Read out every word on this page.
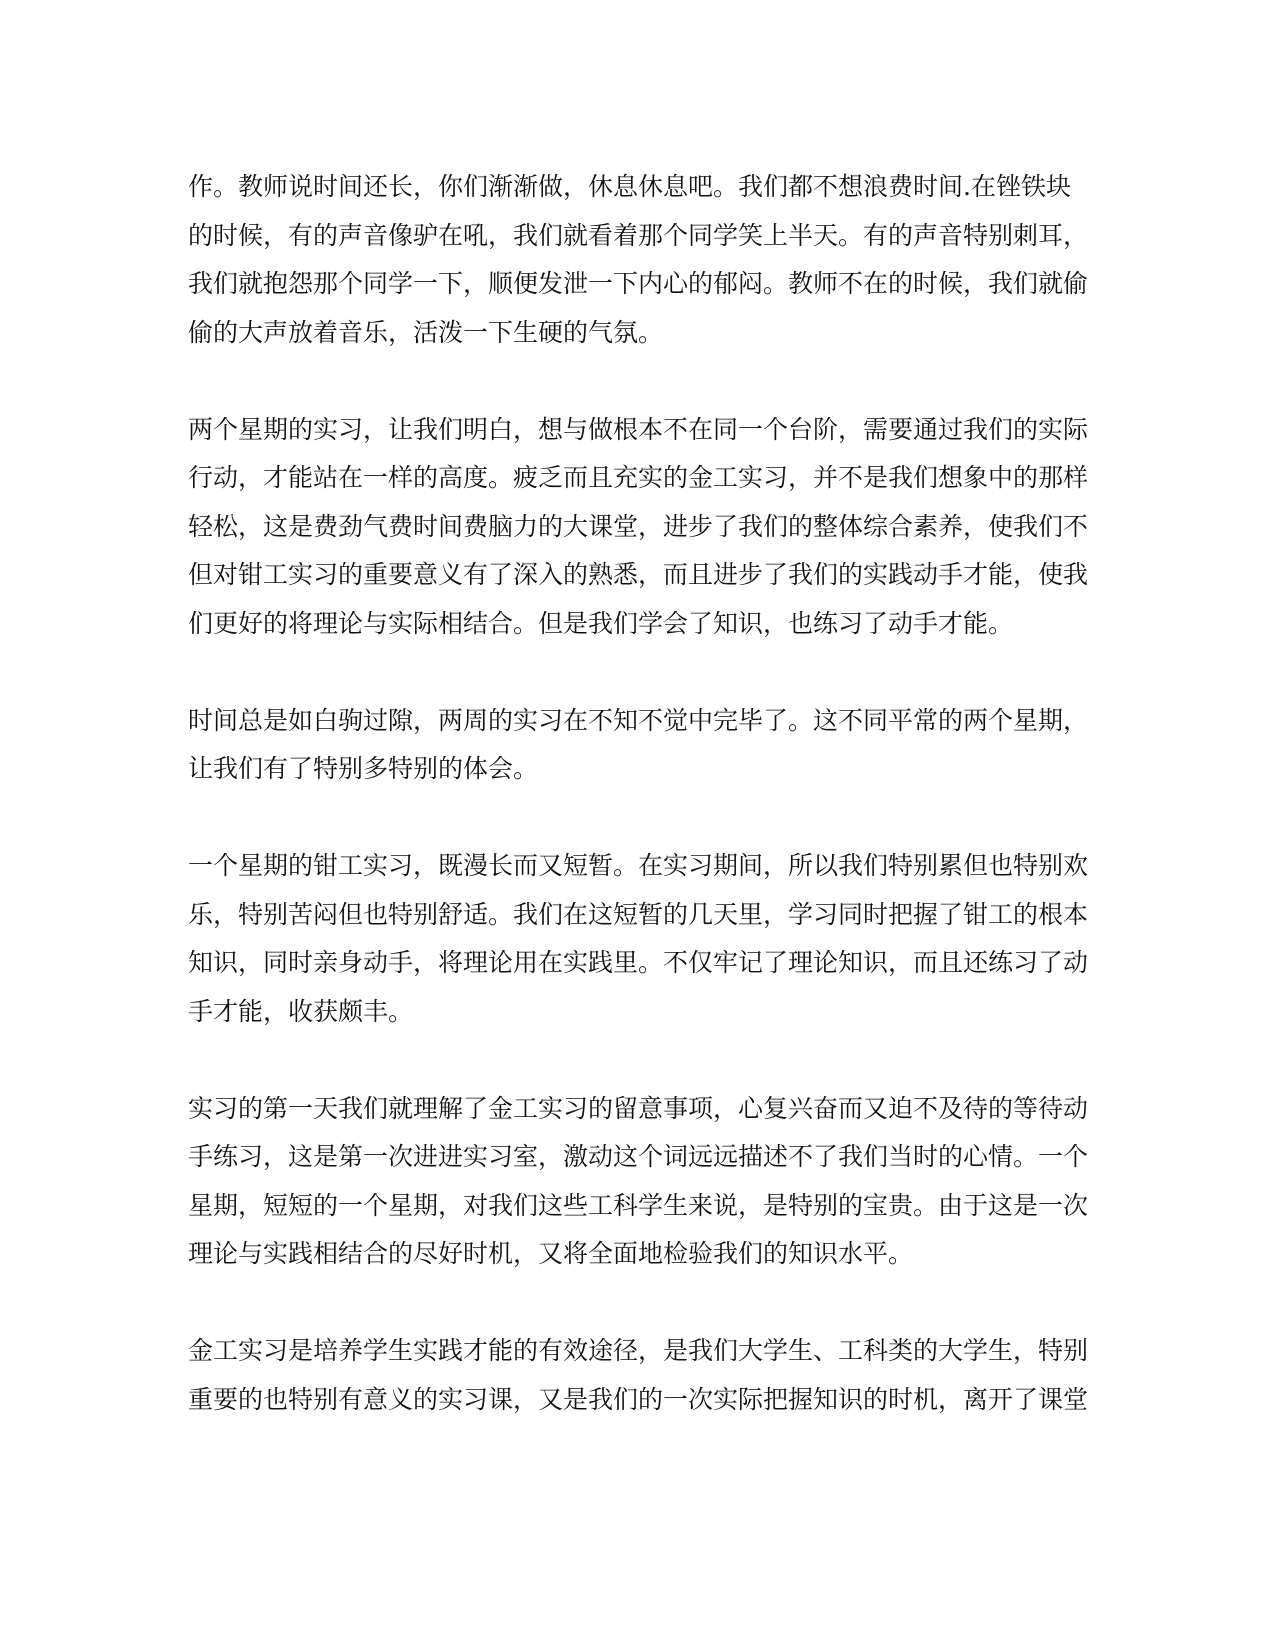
作。教师说时间还长，你们渐渐做，休息休息吧。我们都不想浪费时间.在锉铁块
的时候，有的声音像驴在吼，我们就看着那个同学笑上半天。有的声音特别刺耳，
我们就抱怨那个同学一下，顺便发泄一下内心的郁闷。教师不在的时候，我们就偷
偷的大声放着音乐，活泼一下生硬的气氛。
两个星期的实习，让我们明白，想与做根本不在同一个台阶，需要通过我们的实际
行动，才能站在一样的高度。疲乏而且充实的金工实习，并不是我们想象中的那样
轻松，这是费劲气费时间费脑力的大课堂，进步了我们的整体综合素养，使我们不
但对钳工实习的重要意义有了深入的熟悉，而且进步了我们的实践动手才能，使我
们更好的将理论与实际相结合。但是我们学会了知识，也练习了动手才能。
时间总是如白驹过隙，两周的实习在不知不觉中完毕了。这不同平常的两个星期，
让我们有了特别多特别的体会。
一个星期的钳工实习，既漫长而又短暂。在实习期间，所以我们特别累但也特别欢
乐，特别苦闷但也特别舒适。我们在这短暂的几天里，学习同时把握了钳工的根本
知识，同时亲身动手，将理论用在实践里。不仅牢记了理论知识，而且还练习了动
手才能，收获颇丰。
实习的第一天我们就理解了金工实习的留意事项，心复兴奋而又迫不及待的等待动
手练习，这是第一次进进实习室，激动这个词远远描述不了我们当时的心情。一个
星期，短短的一个星期，对我们这些工科学生来说，是特别的宝贵。由于这是一次
理论与实践相结合的尽好时机，又将全面地检验我们的知识水平。
金工实习是培养学生实践才能的有效途径，是我们大学生、工科类的大学生，特别
重要的也特别有意义的实习课，又是我们的一次实际把握知识的时机，离开了课堂
